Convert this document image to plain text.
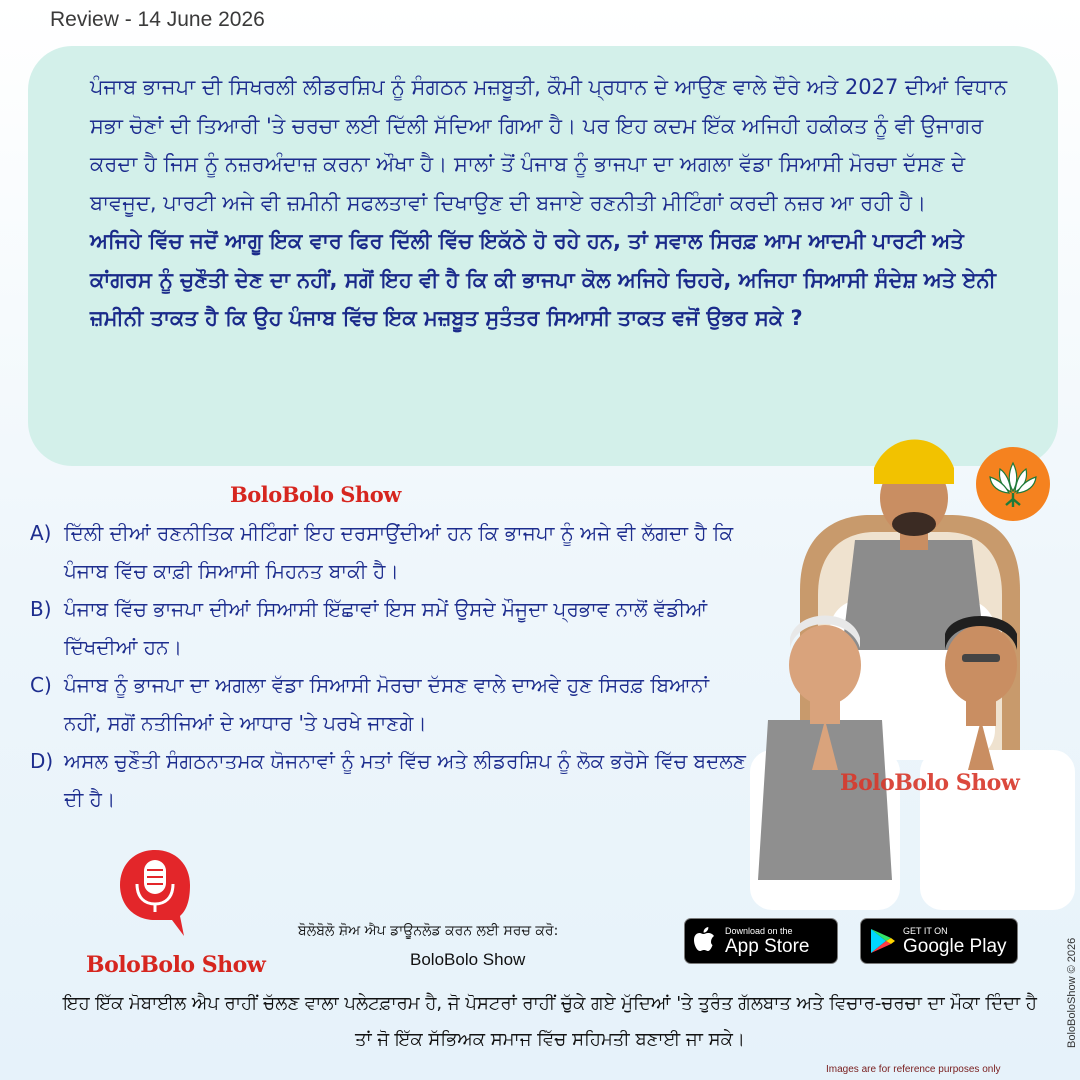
Review - 14 June 2026

ਪੰਜਾਬ ਭਾਜਪਾ ਦੀ ਸਿਖਰਲੀ ਲੀਡਰਸ਼ਿਪ ਨੂੰ ਸੰਗਠਨ ਮਜ਼ਬੂਤੀ, ਕੌਮੀ ਪ੍ਰਧਾਨ ਦੇ ਆਉਣ ਵਾਲੇ ਦੌਰੇ ਅਤੇ 2027 ਦੀਆਂ ਵਿਧਾਨ ਸਭਾ ਚੋਣਾਂ ਦੀ ਤਿਆਰੀ 'ਤੇ ਚਰਚਾ ਲਈ ਦਿੱਲੀ ਸੱਦਿਆ ਗਿਆ ਹੈ। ਪਰ ਇਹ ਕਦਮ ਇੱਕ ਅਜਿਹੀ ਹਕੀਕਤ ਨੂੰ ਵੀ ਉਜਾਗਰ ਕਰਦਾ ਹੈ ਜਿਸ ਨੂੰ ਨਜ਼ਰਅੰਦਾਜ਼ ਕਰਨਾ ਔਖਾ ਹੈ। ਸਾਲਾਂ ਤੋਂ ਪੰਜਾਬ ਨੂੰ ਭਾਜਪਾ ਦਾ ਅਗਲਾ ਵੱਡਾ ਸਿਆਸੀ ਮੋਰਚਾ ਦੱਸਣ ਦੇ ਬਾਵਜੂਦ, ਪਾਰਟੀ ਅਜੇ ਵੀ ਜ਼ਮੀਨੀ ਸਫਲਤਾਵਾਂ ਦਿਖਾਉਣ ਦੀ ਬਜਾਏ ਰਣਨੀਤੀ ਮੀਟਿੰਗਾਂ ਕਰਦੀ ਨਜ਼ਰ ਆ ਰਹੀ ਹੈ।

ਅਜਿਹੇ ਵਿੱਚ ਜਦੋਂ ਆਗੂ ਇਕ ਵਾਰ ਫਿਰ ਦਿੱਲੀ ਵਿੱਚ ਇਕੱਠੇ ਹੋ ਰਹੇ ਹਨ, ਤਾਂ ਸਵਾਲ ਸਿਰਫ਼ ਆਮ ਆਦਮੀ ਪਾਰਟੀ ਅਤੇ ਕਾਂਗਰਸ ਨੂੰ ਚੁਣੌਤੀ ਦੇਣ ਦਾ ਨਹੀਂ, ਸਗੋਂ ਇਹ ਵੀ ਹੈ ਕਿ ਕੀ ਭਾਜਪਾ ਕੋਲ ਅਜਿਹੇ ਚਿਹਰੇ, ਅਜਿਹਾ ਸਿਆਸੀ ਸੰਦੇਸ਼ ਅਤੇ ਏਨੀ ਜ਼ਮੀਨੀ ਤਾਕਤ ਹੈ ਕਿ ਉਹ ਪੰਜਾਬ ਵਿੱਚ ਇਕ ਮਜ਼ਬੂਤ ਸੁਤੰਤਰ ਸਿਆਸੀ ਤਾਕਤ ਵਜੋਂ ਉਭਰ ਸਕੇ ?

BoloBolo Show
A) ਦਿੱਲੀ ਦੀਆਂ ਰਣਨੀਤਿਕ ਮੀਟਿੰਗਾਂ ਇਹ ਦਰਸਾਉਂਦੀਆਂ ਹਨ ਕਿ ਭਾਜਪਾ ਨੂੰ ਅਜੇ ਵੀ ਲੱਗਦਾ ਹੈ ਕਿ ਪੰਜਾਬ ਵਿੱਚ ਕਾਫ਼ੀ ਸਿਆਸੀ ਮਿਹਨਤ ਬਾਕੀ ਹੈ।
B) ਪੰਜਾਬ ਵਿੱਚ ਭਾਜਪਾ ਦੀਆਂ ਸਿਆਸੀ ਇੱਛਾਵਾਂ ਇਸ ਸਮੇਂ ਉਸਦੇ ਮੌਜੂਦਾ ਪ੍ਰਭਾਵ ਨਾਲੋਂ ਵੱਡੀਆਂ ਦਿੱਖਦੀਆਂ ਹਨ।
C) ਪੰਜਾਬ ਨੂੰ ਭਾਜਪਾ ਦਾ ਅਗਲਾ ਵੱਡਾ ਸਿਆਸੀ ਮੋਰਚਾ ਦੱਸਣ ਵਾਲੇ ਦਾਅਵੇ ਹੁਣ ਸਿਰਫ਼ ਬਿਆਨਾਂ ਨਹੀਂ, ਸਗੋਂ ਨਤੀਜਿਆਂ ਦੇ ਆਧਾਰ 'ਤੇ ਪਰਖੇ ਜਾਣਗੇ।
D) ਅਸਲ ਚੁਣੌਤੀ ਸੰਗਠਨਾਤਮਕ ਯੋਜਨਾਵਾਂ ਨੂੰ ਮਤਾਂ ਵਿੱਚ ਅਤੇ ਲੀਡਰਸ਼ਿਪ ਨੂੰ ਲੋਕ ਭਰੋਸੇ ਵਿੱਚ ਬਦਲਣ ਦੀ ਹੈ।
BoloBolo Show
BoloBolo Show
ਬੋਲੋਬੋਲੋ ਸ਼ੋਅ ਐਪ ਡਾਊਨਲੋਡ ਕਰਨ ਲਈ ਸਰਚ ਕਰੋ:
BoloBolo Show
Download on the
App Store
GET IT ON
Google Play	BoloBoloShow © 2026
ਇਹ ਇੱਕ ਮੋਬਾਈਲ ਐਪ ਰਾਹੀਂ ਚੱਲਣ ਵਾਲਾ ਪਲੇਟਫ਼ਾਰਮ ਹੈ, ਜੋ ਪੋਸਟਰਾਂ ਰਾਹੀਂ ਚੁੱਕੇ ਗਏ ਮੁੱਦਿਆਂ 'ਤੇ ਤੁਰੰਤ ਗੱਲਬਾਤ ਅਤੇ ਵਿਚਾਰ-ਚਰਚਾ ਦਾ ਮੌਕਾ ਦਿੰਦਾ ਹੈ ਤਾਂ ਜੋ ਇੱਕ ਸੱਭਿਅਕ ਸਮਾਜ ਵਿੱਚ ਸਹਿਮਤੀ ਬਣਾਈ ਜਾ ਸਕੇ।
Images are for reference purposes only
